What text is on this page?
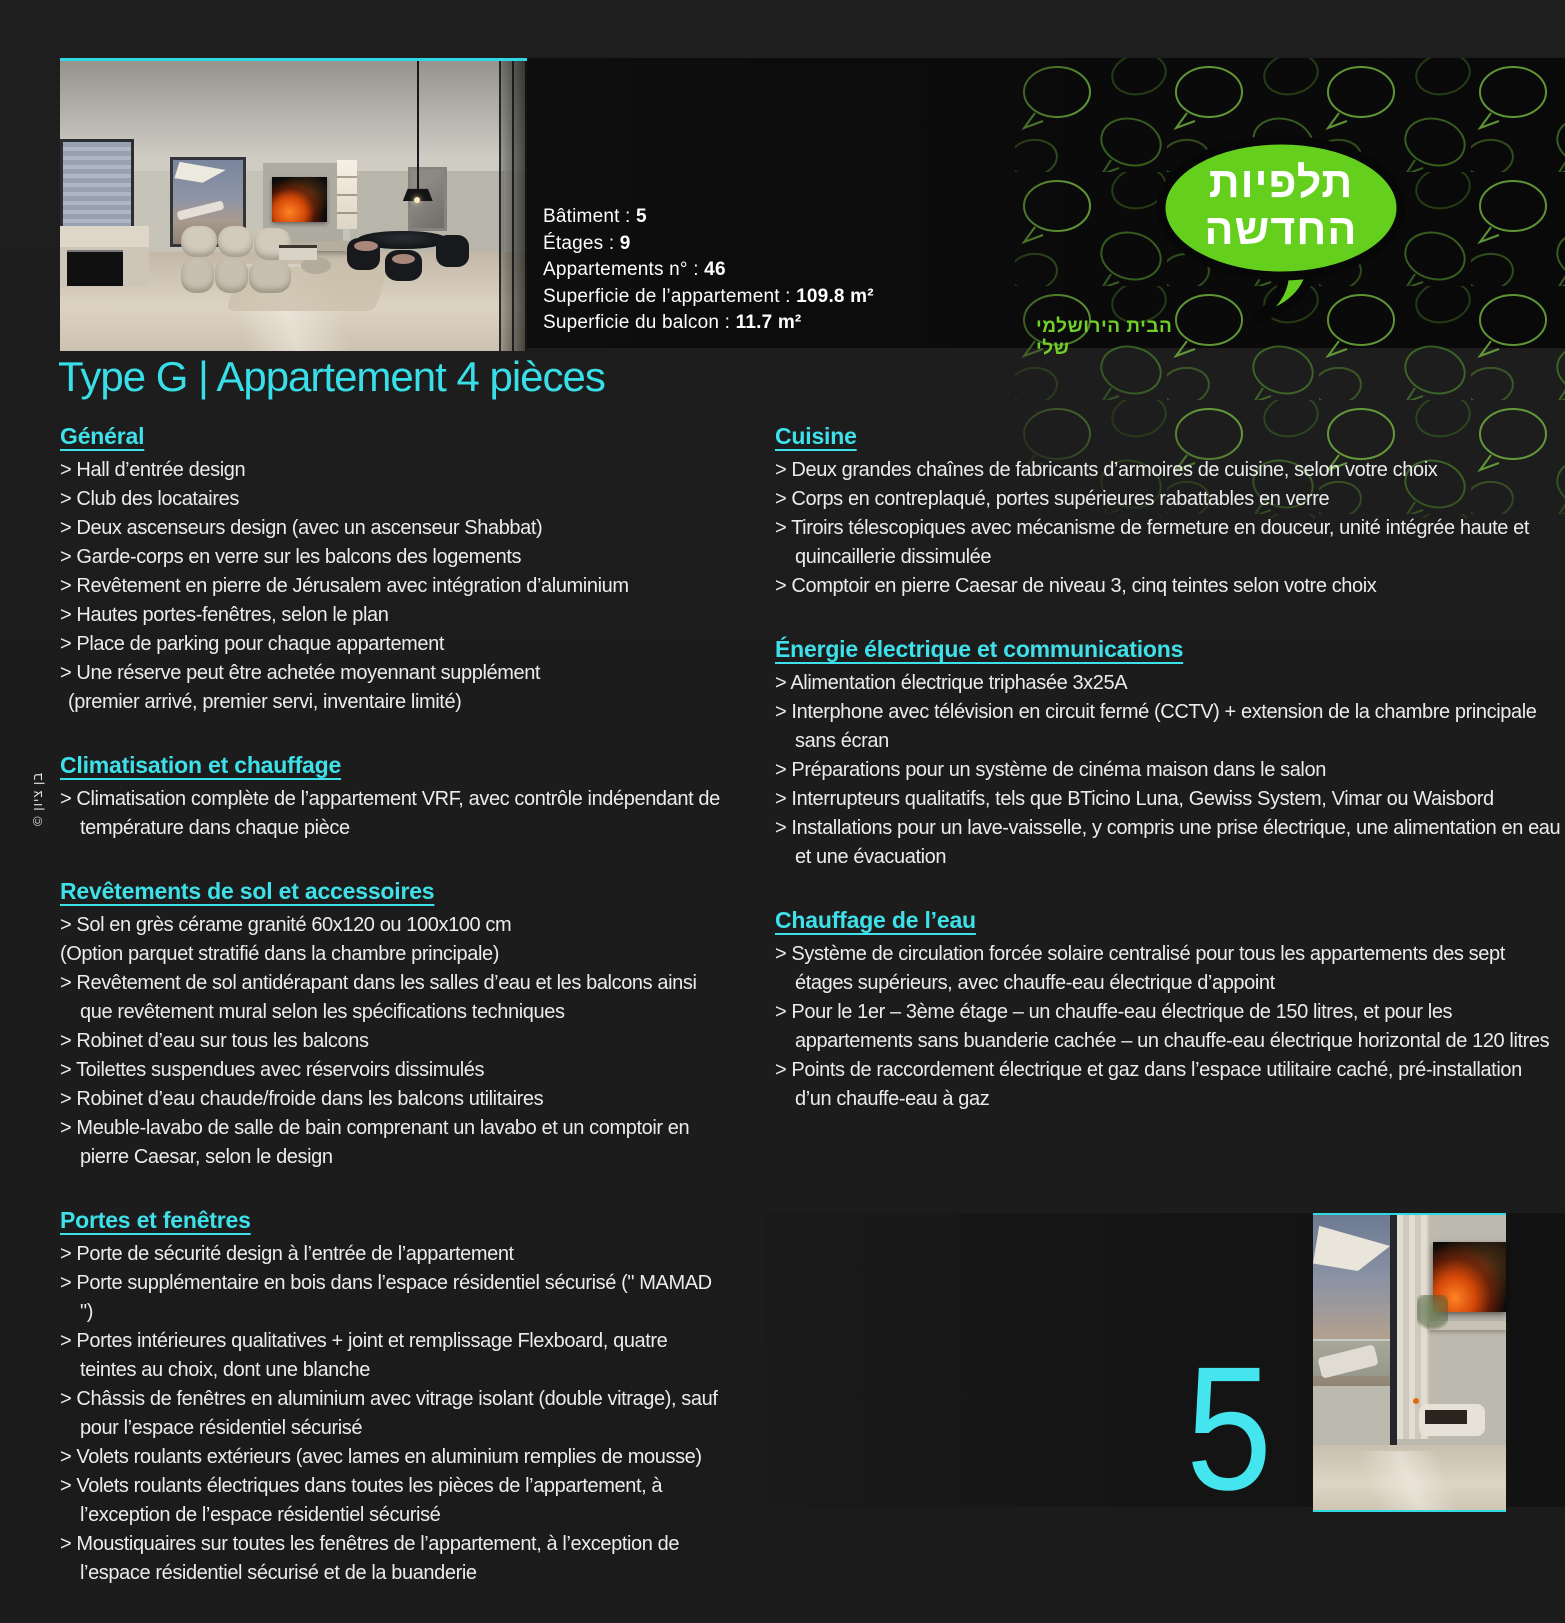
תלפיות
החדשה
הבית הירושלמי שלי
Bâtiment : 5
Étages : 9
Appartements n° : 46
Superficie de l’appartement : 109.8 m²
Superficie du balcon : 11.7 m²
Type G | Appartement 4 pièces
Général
> Hall d’entrée design
> Club des locataires
> Deux ascenseurs design (avec un ascenseur Shabbat)
> Garde-corps en verre sur les balcons des logements
> Revêtement en pierre de Jérusalem avec intégration d’aluminium
> Hautes portes-fenêtres, selon le plan
> Place de parking pour chaque appartement
> Une réserve peut être achetée moyennant supplément
(premier arrivé, premier servi, inventaire limité)
Climatisation et chauffage
> Climatisation complète de l’appartement VRF, avec contrôle indépendant de température dans chaque pièce
Revêtements de sol et accessoires
> Sol en grès cérame granité 60x120 ou 100x100 cm
(Option parquet stratifié dans la chambre principale)
> Revêtement de sol antidérapant dans les salles d’eau et les balcons ainsi que revêtement mural selon les spécifications techniques
> Robinet d’eau sur tous les balcons
> Toilettes suspendues avec réservoirs dissimulés
> Robinet d’eau chaude/froide dans les balcons utilitaires
> Meuble-lavabo de salle de bain comprenant un lavabo et un comptoir en pierre Caesar, selon le design
Portes et fenêtres
> Porte de sécurité design à l’entrée de l’appartement
> Porte supplémentaire en bois dans l’espace résidentiel sécurisé (" MAMAD ")
> Portes intérieures qualitatives + joint et remplissage Flexboard, quatre teintes au choix, dont une blanche
> Châssis de fenêtres en aluminium avec vitrage isolant (double vitrage), sauf pour l’espace résidentiel sécurisé
> Volets roulants extérieurs (avec lames en aluminium remplies de mousse)
> Volets roulants électriques dans toutes les pièces de l’appartement, à l’exception de l’espace résidentiel sécurisé
> Moustiquaires sur toutes les fenêtres de l’appartement, à l’exception de l’espace résidentiel sécurisé et de la buanderie
Cuisine
> Deux grandes chaînes de fabricants d’armoires de cuisine, selon votre choix
> Corps en contreplaqué, portes supérieures rabattables en verre
> Tiroirs télescopiques avec mécanisme de fermeture en douceur, unité intégrée haute et quincaillerie dissimulée
> Comptoir en pierre Caesar de niveau 3, cinq teintes selon votre choix
Énergie électrique et communications
> Alimentation électrique triphasée 3x25A
> Interphone avec télévision en circuit fermé (CCTV) + extension de la chambre principale sans écran
> Préparations pour un système de cinéma maison dans le salon
> Interrupteurs qualitatifs, tels que BTicino Luna, Gewiss System, Vimar ou Waisbord
> Installations pour un lave-vaisselle, y compris une prise électrique, une alimentation en eau et une évacuation
Chauffage de l’eau
> Système de circulation forcée solaire centralisé pour tous les appartements des sept étages supérieurs, avec chauffe-eau électrique d’appoint
> Pour le 1er – 3ème étage – un chauffe-eau électrique de 150 litres, et pour les appartements sans buanderie cachée – un chauffe-eau électrique horizontal de 120 litres
> Points de raccordement électrique et gaz dans l’espace utilitaire caché, pré-installation d’un chauffe-eau à gaz
5
בן ציון ©
